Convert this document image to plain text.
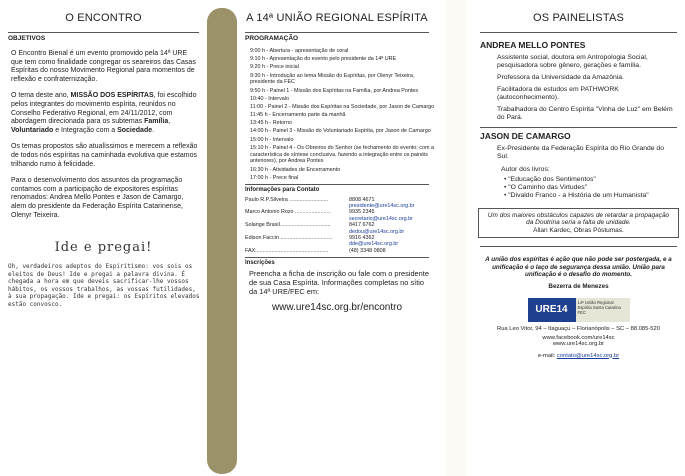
O ENCONTRO
OBJETIVOS

O Encontro Bienal é um evento promovido pela 14ª URE que tem como finalidade congregar os seareiros das Casas Espíritas do nosso Movimento Regional para momentos de reflexão e confraternização.

O tema deste ano, MISSÃO DOS ESPÍRITAS, foi escolhido pelos integrantes do movimento espírita, reunidos no Conselho Federativo Regional, em 24/11/2012, com abordagem direcionada para os subtemas Família, Voluntariado e Integração com a Sociedade.

Os temas propostos são atualíssimos e merecem a reflexão de todos nós espíritas na caminhada evolutiva que estamos trilhando rumo à felicidade.

Para o desenvolvimento dos assuntos da programação contamos com a participação de expositores espíritas renomados: Andrea Mello Pontes e Jason de Camargo, alem do presidente da Federação Espírita Catarinense, Olenyr Teixeira.

Ide e pregai!

Oh, verdadeiros adeptos do Espiritismo: vos sois os eleitos de Deus! Ide e pregai a palavra divina. É chegada a hora em que deveis sacrificar-lhe vossos hábitos, os vossos trabalhos, as vossas futilidades, à sua propagação. Ide e pregai: os Espíritos elevados estão convosco.

A 14ª UNIÃO REGIONAL ESPÍRITA
PROGRAMAÇÃO
9:00 h - Abertura - apresentação de coral
9:10 h - Apresentação do evento pelo presidente da 14ª URE
9:20 h - Prece inicial
9:30 h - Introdução ao tema Missão do Espíritas, por Olenyr Teixeira, presidente da FEC
9:50 h - Painel 1 - Missão dos Espíritas na Família, por Andrea Pontes
10:40 - Intervalo
11:00 - Painel 2 - Missão dos Espíritas na Sociedade, por Jason de Camargo
11:45 h - Encerramento parte da manhã
13:45 h - Retorno
14:00 h - Painel 3 - Missão do Voluntariado Espírita, por Jason de Camargo
15:00 h - Intervalo
15:10 h - Painel 4 - Os Obreiros do Senhor (se fechamento do evento; com a característica de síntese conclusiva, fazendo a integração entre os painéis anteriores), por Andrea Pontes
16:30 h - Atividades de Encerramento
17:00 h - Prece final
Informações para Contato
Paulo R.P.Silveira ..........................	8808 4671
presidente@ure14sc.org.br
Marco Antonio Rozo ........................	9935 2345
secretario@ure14sc.org.br
Solange Brasil..................................	8417 6762
dedou@ure14sc.org.br
Edison Faccin ...................................	9916 4362
dde@ure14sc.org.br
FAX:................................................	(48) 3348 0808
Inscrições

Preencha a ficha de inscrição ou fale com o presidente de sua Casa Espírita. Informações completas no sítio da 14ª URE/FEC em:

www.ure14sc.org.br/encontro
OS PAINELISTAS
ANDREA MELLO PONTES

Assistente social, doutora em Antropologia Social, pesquisadora sobre gênero, gerações e família.

Professora da Universidade da Amazônia.

Facilitadora de estudos em PATHWORK (autoconhecimento).

Trabalhadora do Centro Espírita "Vinha de Luz" em Belém do Pará.

JASON DE CAMARGO

Ex-Presidente da Federação Espírita do Rio Grande do Sul.

Autor dos livros:

• "Educação dos Sentimentos"
• "O Caminho das Virtudes"
• "Divaldo Franco - a História de um Humanista"
Um dos maiores obstáculos capazes de retardar a propagação da Doutrina seria a falta de unidade.
Allan Kardec, Obras Póstumas.

A união dos espíritas é ação que não pode ser postergada, e a unificação é o laço de segurança dessa união. União para unificação é o desafio do momento.

Bezerra de Menezes
URE14
14ª União Regional Espírita Santa Catarina FEC
Rua Leo Vitor, 94 – Itaguaçu – Florianópolis – SC – 88.085-520
www.facebook.com/ure14sc
www.ure14sc.org.br
e-mail: contato@ure14sc.org.br
